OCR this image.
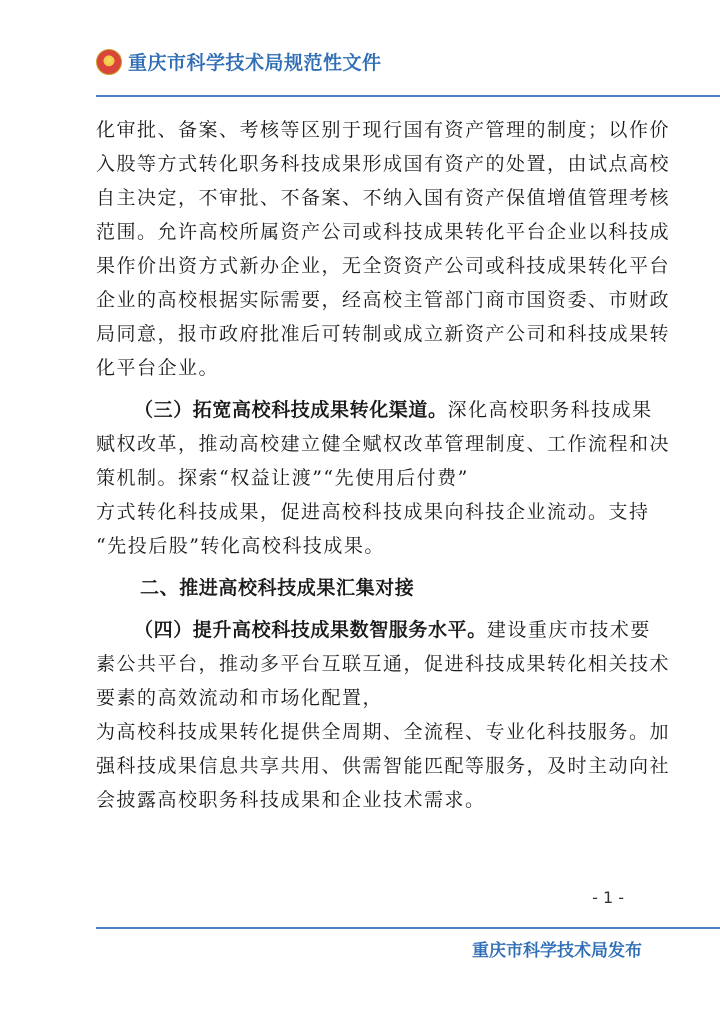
★
重庆市科学技术局规范性文件
化审批、备案、考核等区别于现行国有资产管理的制度；以作价
入股等方式转化职务科技成果形成国有资产的处置，由试点高校
自主决定，不审批、不备案、不纳入国有资产保值增值管理考核
范围。允许高校所属资产公司或科技成果转化平台企业以科技成
果作价出资方式新办企业，无全资资产公司或科技成果转化平台
企业的高校根据实际需要，经高校主管部门商市国资委、市财政
局同意，报市政府批准后可转制或成立新资产公司和科技成果转
化平台企业。
（三）拓宽高校科技成果转化渠道。深化高校职务科技成果
赋权改革，推动高校建立健全赋权改革管理制度、工作流程和决
策机制。探索“权益让渡”“先使用后付费”
方式转化科技成果，促进高校科技成果向科技企业流动。支持
“先投后股”转化高校科技成果。
二、推进高校科技成果汇集对接
（四）提升高校科技成果数智服务水平。建设重庆市技术要
素公共平台，推动多平台互联互通，促进科技成果转化相关技术
要素的高效流动和市场化配置，
为高校科技成果转化提供全周期、全流程、专业化科技服务。加
强科技成果信息共享共用、供需智能匹配等服务，及时主动向社
会披露高校职务科技成果和企业技术需求。
- 1 -
重庆市科学技术局发布
